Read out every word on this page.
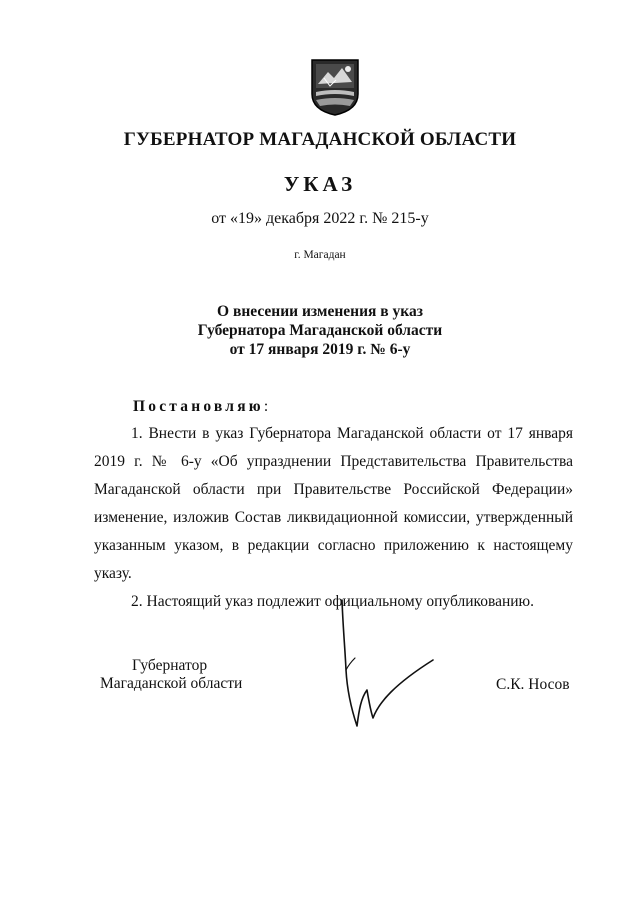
ГУБЕРНАТОР МАГАДАНСКОЙ ОБЛАСТИ
УКАЗ
от «19» декабря 2022 г. № 215-у
г. Магадан
О внесении изменения в указ
Губернатора Магаданской области
от 17 января 2019 г. № 6-у
Постановляю:

1. Внести в указ Губернатора Магаданской области от 17 января 2019 г. № 6-у «Об упразднении Представительства Правительства Магаданской области при Правительстве Российской Федерации» изменение, изложив Состав ликвидационной комиссии, утвержденный указанным указом, в редакции согласно приложению к настоящему указу.

2. Настоящий указ подлежит официальному опубликованию.

Губернатор
Магаданской области	С.К. Носов
